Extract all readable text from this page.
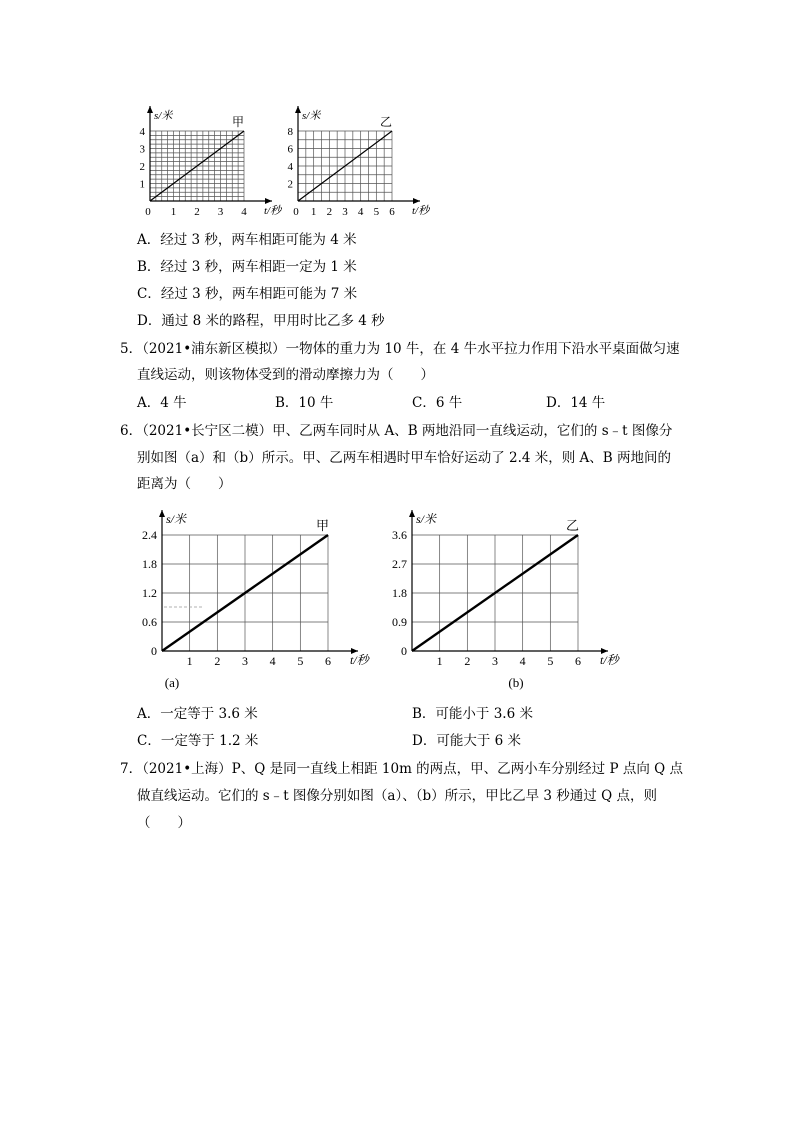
甲
1
2
3
4
0 1 2 3 4
s/米
t/秒
乙
2
4
6
8
0 1 2 3 4 5 6
s/米
t/秒
A．经过 3 秒，两车相距可能为 4 米
B．经过 3 秒，两车相距一定为 1 米
C．经过 3 秒，两车相距可能为 7 米
D．通过 8 米的路程，甲用时比乙多 4 秒
5．（2021•浦东新区模拟）一物体的重力为 10 牛，在 4 牛水平拉力作用下沿水平桌面做匀速
直线运动，则该物体受到的滑动摩擦力为（　　）
A．4 牛	B．10 牛	C．6 牛	D．14 牛
6．（2021•长宁区二模）甲、乙两车同时从 A、B 两地沿同一直线运动，它们的 s﹣t 图像分
别如图（a）和（b）所示。甲、乙两车相遇时甲车恰好运动了 2.4 米，则 A、B 两地间的
距离为（　　）
甲
0
0.6
1.2
1.8
2.4
1 2 3 4 5 6
s/米
t/秒
(a)
乙
0
0.9
1.8
2.7
3.6
1 2 3 4 5 6
s/米
t/秒
(b)
A．一定等于 3.6 米	B．可能小于 3.6 米
C．一定等于 1.2 米	D．可能大于 6 米
7．（2021•上海）P、Q 是同一直线上相距 10m 的两点，甲、乙两小车分别经过 P 点向 Q 点
做直线运动。它们的 s﹣t 图像分别如图（a）、（b）所示，甲比乙早 3 秒通过 Q 点，则
（　　）
